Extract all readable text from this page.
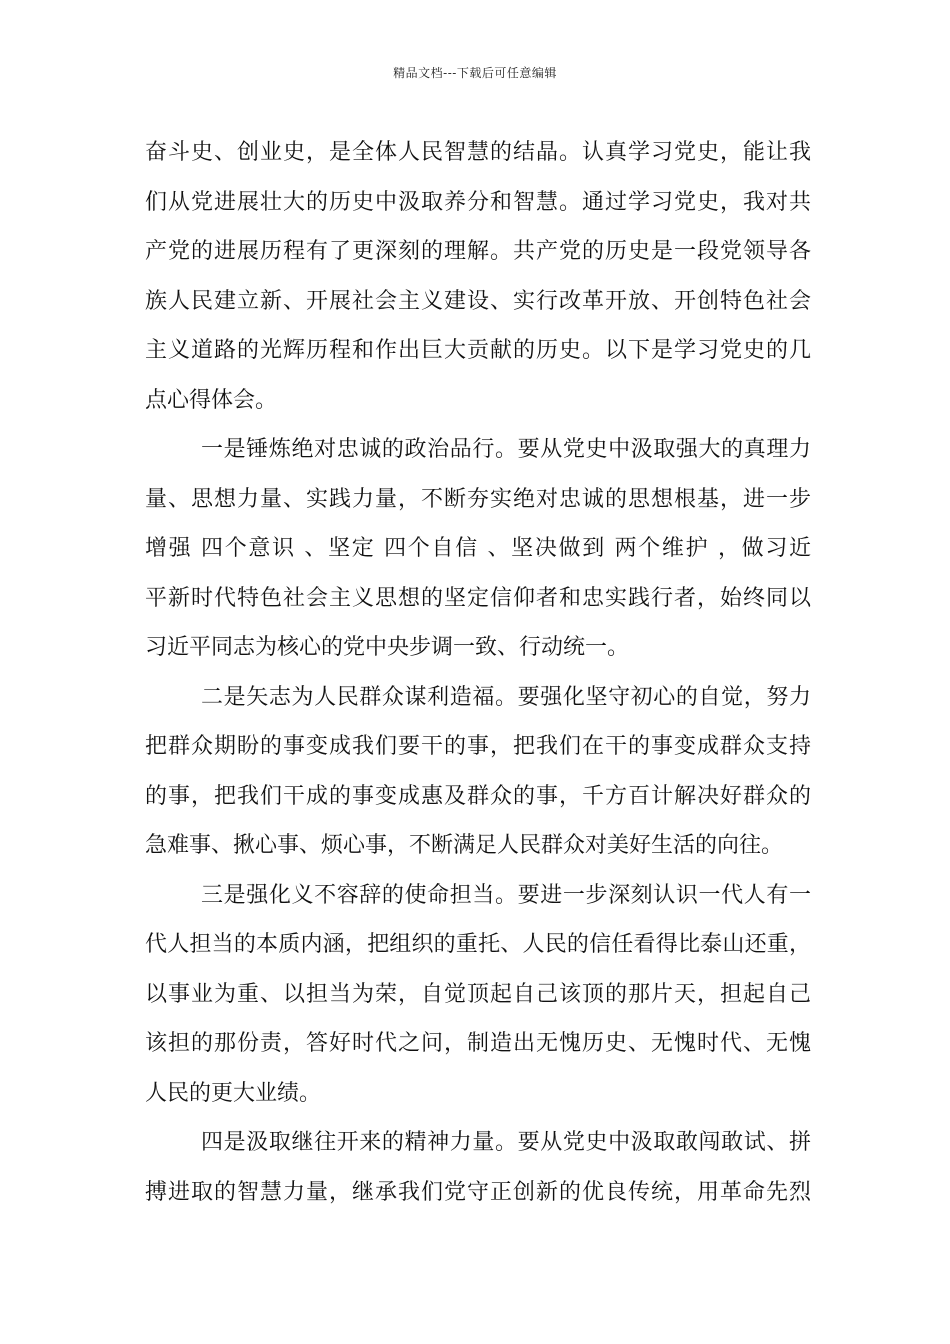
精品文档---下载后可任意编辑
奋斗史、创业史，是全体人民智慧的结晶。认真学习党史，能让我
们从党进展壮大的历史中汲取养分和智慧。通过学习党史，我对共
产党的进展历程有了更深刻的理解。共产党的历史是一段党领导各
族人民建立新、开展社会主义建设、实行改革开放、开创特色社会
主义道路的光辉历程和作出巨大贡献的历史。以下是学习党史的几
点心得体会。
一是锤炼绝对忠诚的政治品行。要从党史中汲取强大的真理力
量、思想力量、实践力量，不断夯实绝对忠诚的思想根基，进一步
增强 四个意识 、坚定 四个自信 、坚决做到 两个维护 ，做习近
平新时代特色社会主义思想的坚定信仰者和忠实践行者，始终同以
习近平同志为核心的党中央步调一致、行动统一。
二是矢志为人民群众谋利造福。要强化坚守初心的自觉，努力
把群众期盼的事变成我们要干的事，把我们在干的事变成群众支持
的事，把我们干成的事变成惠及群众的事，千方百计解决好群众的
急难事、揪心事、烦心事，不断满足人民群众对美好生活的向往。
三是强化义不容辞的使命担当。要进一步深刻认识一代人有一
代人担当的本质内涵，把组织的重托、人民的信任看得比泰山还重，
以事业为重、以担当为荣，自觉顶起自己该顶的那片天，担起自己
该担的那份责，答好时代之问，制造出无愧历史、无愧时代、无愧
人民的更大业绩。
四是汲取继往开来的精神力量。要从党史中汲取敢闯敢试、拼
搏进取的智慧力量，继承我们党守正创新的优良传统，用革命先烈
